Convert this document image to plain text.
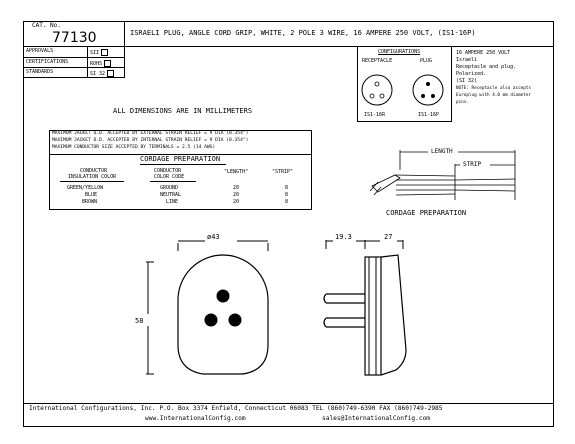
CAT. No.
77130	ISRAELI PLUG, ANGLE CORD GRIP, WHITE, 2 POLE 3 WIRE, 16 AMPERE 250 VOLT, (IS1-16P)
APPROVALS	SII
CERTIFICATIONS	ROHS
STANDARDS	SI 32
CONFIGURATIONS
RECEPTACLE	PLUG
IS1-16R	IS1-16P
16 AMPERE 250 VOLT
Israeli
Receptacle and plug.
Polarized.
(SI 32)
NOTE: Receptacle also accepts
Europlug with 4.0 mm diameter
pins.
ALL DIMENSIONS ARE IN MILLIMETERS
MAXIMUM JACKET O.D. ACCEPTED BY EXTERNAL STRAIN RELIEF = 9 DIA (0.354")
MAXIMUM JACKET O.D. ACCEPTED BY INTERNAL STRAIN RELIEF = 9 DIA (0.354")
MAXIMUM CONDUCTOR SIZE ACCEPTED BY TERMINALS = 2.5 (14 AWG)
CORDAGE PREPARATION
CONDUCTOR
INSULATION COLOR
CONDUCTOR
COLOR CODE
"LENGTH"	"STRIP"
GREEN/YELLOW	GROUND	20	8
BLUE	NEUTRAL	20	8
BROWN	LINE	20	8
LENGTH
STRIP
CORDAGE PREPARATION
ø43
58
19.3	27
International Configurations, Inc. P.O. Box 3374 Enfield, Connecticut 06083 TEL (860)749-6390 FAX (860)749-2985
www.InternationalConfig.com	sales@InternationalConfig.com
